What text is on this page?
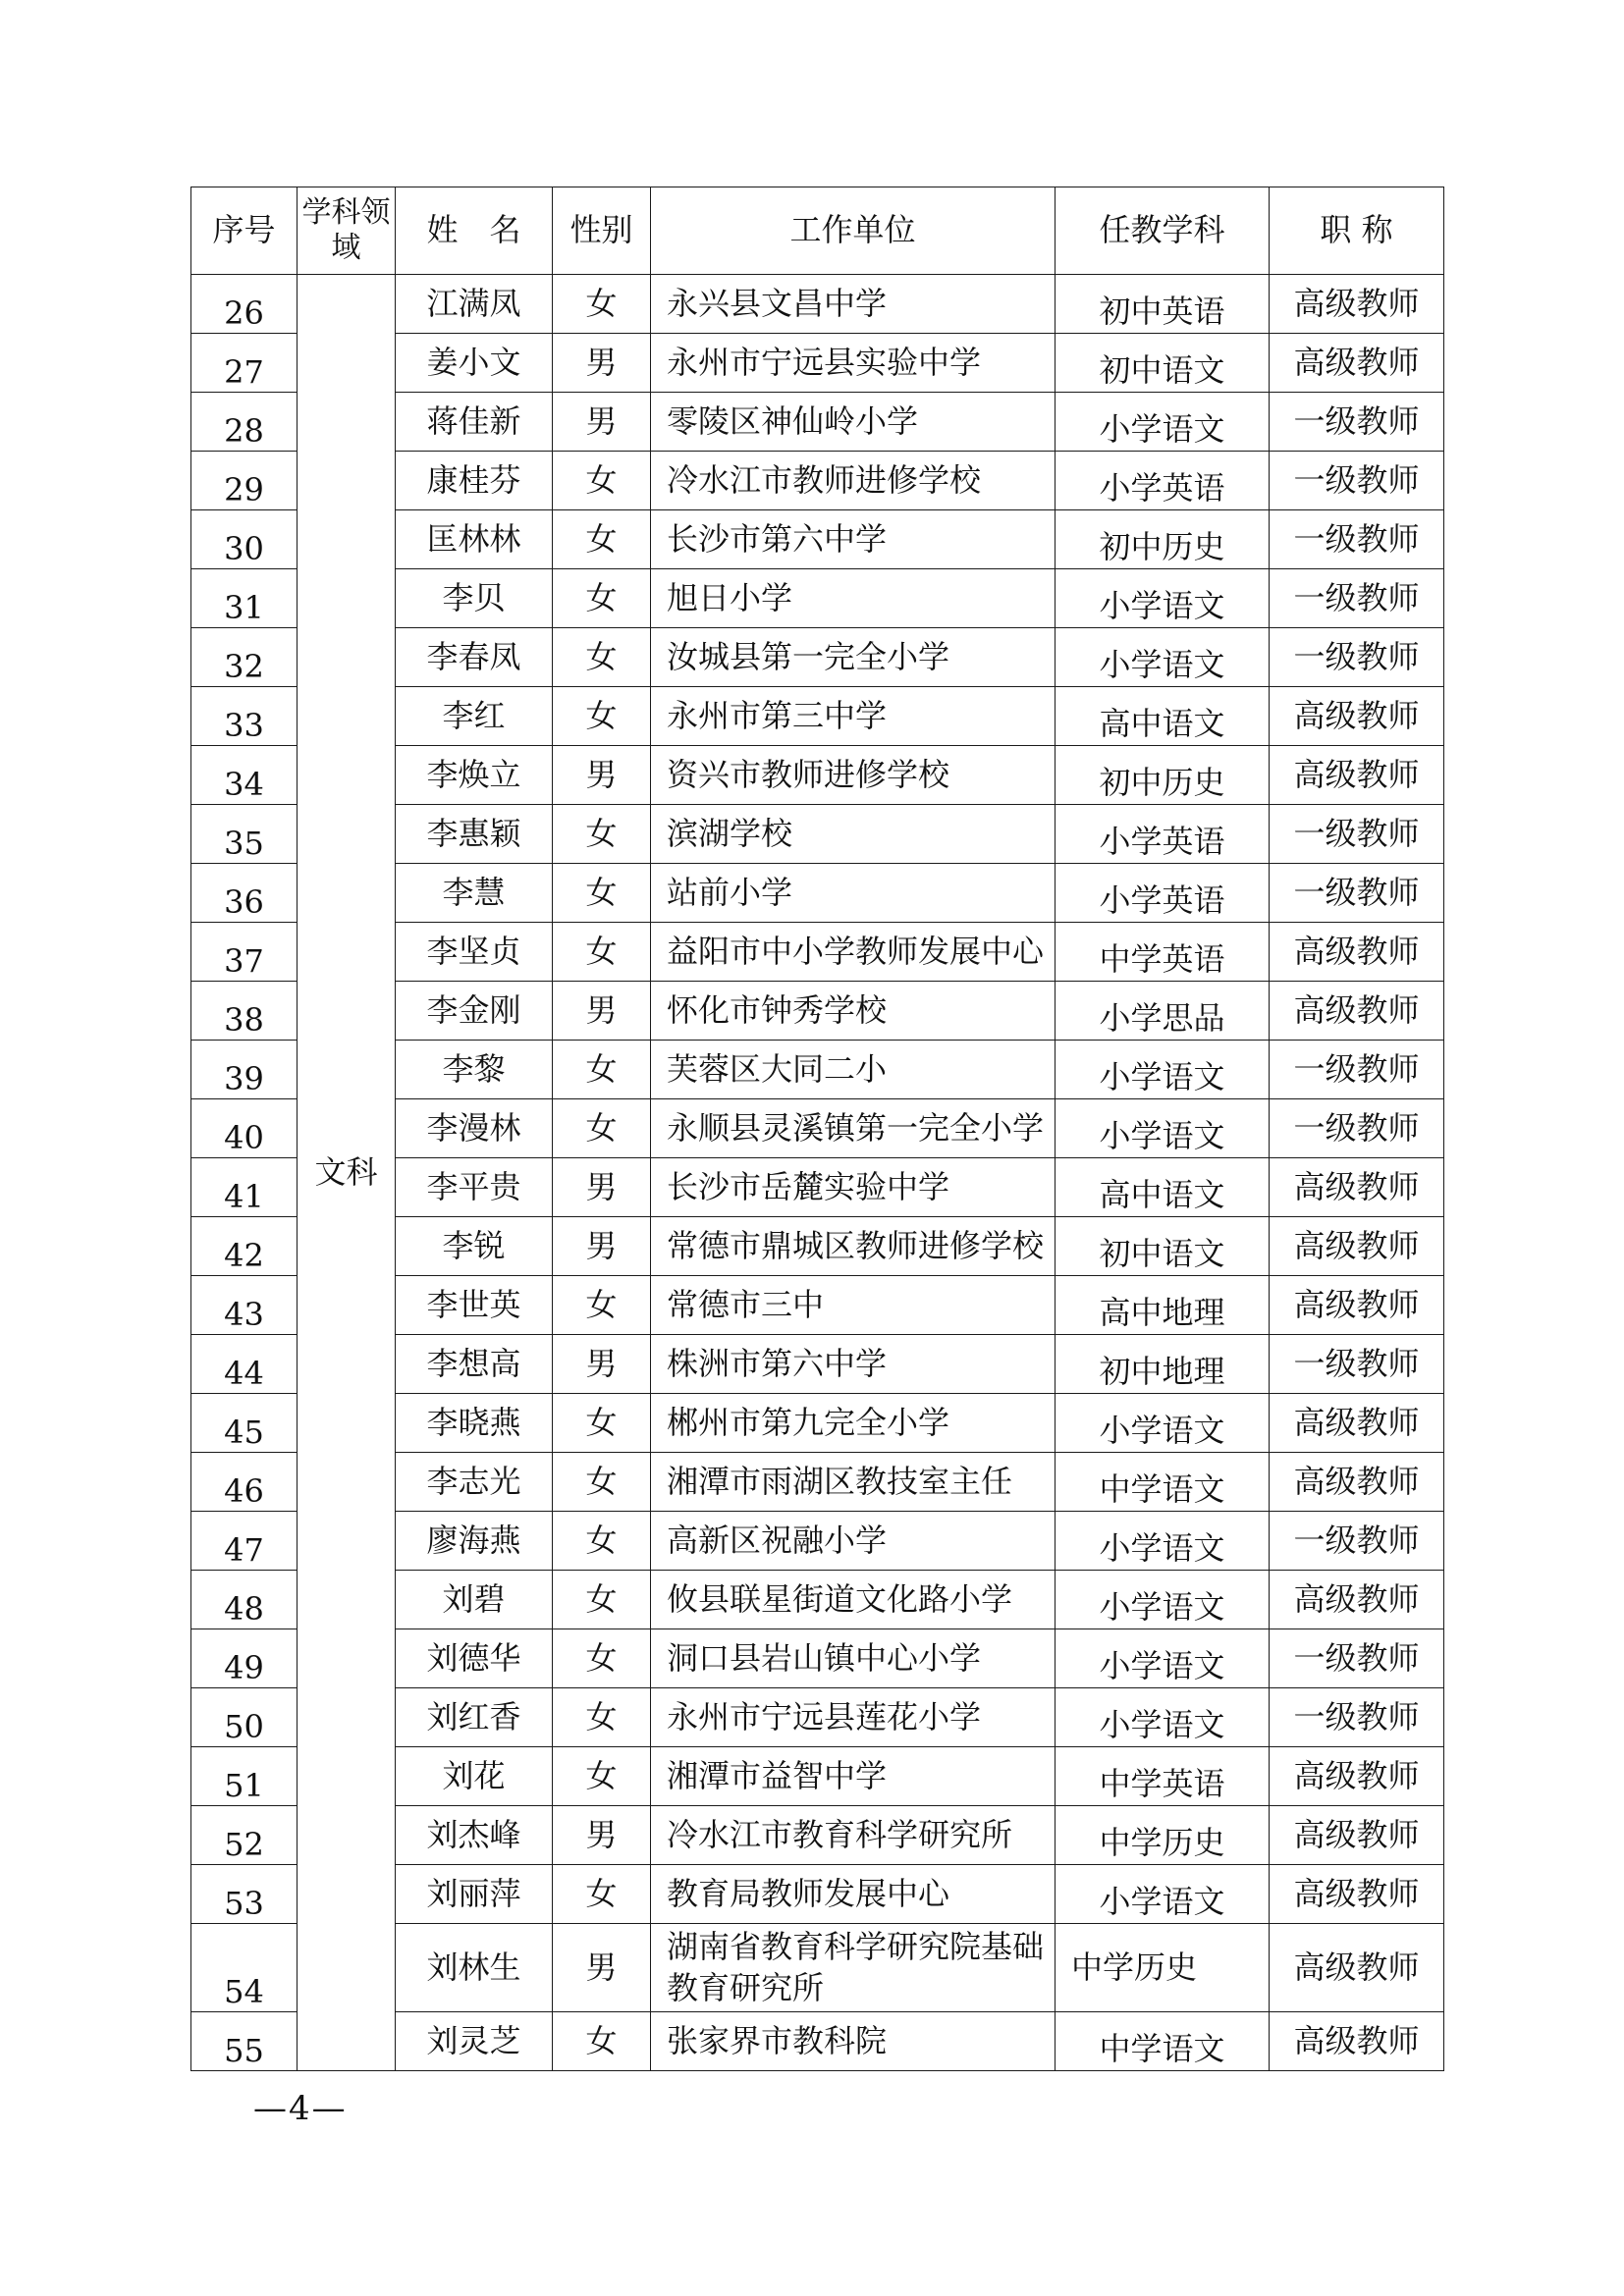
序号	学科领域	姓　名	性别	工作单位	任教学科	职 称
26	文科	江满凤	女	永兴县文昌中学	初中英语	高级教师
27		姜小文	男	永州市宁远县实验中学	初中语文	高级教师
28		蒋佳新	男	零陵区神仙岭小学	小学语文	一级教师
29		康桂芬	女	冷水江市教师进修学校	小学英语	一级教师
30		匡林林	女	长沙市第六中学	初中历史	一级教师
31		李贝	女	旭日小学	小学语文	一级教师
32		李春凤	女	汝城县第一完全小学	小学语文	一级教师
33		李红	女	永州市第三中学	高中语文	高级教师
34		李焕立	男	资兴市教师进修学校	初中历史	高级教师
35		李惠颖	女	滨湖学校	小学英语	一级教师
36		李慧	女	站前小学	小学英语	一级教师
37		李坚贞	女	益阳市中小学教师发展中心	中学英语	高级教师
38		李金刚	男	怀化市钟秀学校	小学思品	高级教师
39		李黎	女	芙蓉区大同二小	小学语文	一级教师
40		李漫林	女	永顺县灵溪镇第一完全小学	小学语文	一级教师
41		李平贵	男	长沙市岳麓实验中学	高中语文	高级教师
42		李锐	男	常德市鼎城区教师进修学校	初中语文	高级教师
43		李世英	女	常德市三中	高中地理	高级教师
44		李想高	男	株洲市第六中学	初中地理	一级教师
45		李晓燕	女	郴州市第九完全小学	小学语文	高级教师
46		李志光	女	湘潭市雨湖区教技室主任	中学语文	高级教师
47		廖海燕	女	高新区祝融小学	小学语文	一级教师
48		刘碧	女	攸县联星街道文化路小学	小学语文	高级教师
49		刘德华	女	洞口县岩山镇中心小学	小学语文	一级教师
50		刘红香	女	永州市宁远县莲花小学	小学语文	一级教师
51		刘花	女	湘潭市益智中学	中学英语	高级教师
52		刘杰峰	男	冷水江市教育科学研究所	中学历史	高级教师
53		刘丽萍	女	教育局教师发展中心	小学语文	高级教师
54		刘林生	男	湖南省教育科学研究院基础教育研究所	中学历史	高级教师
55		刘灵芝	女	张家界市教科院	中学语文	高级教师
—4—
